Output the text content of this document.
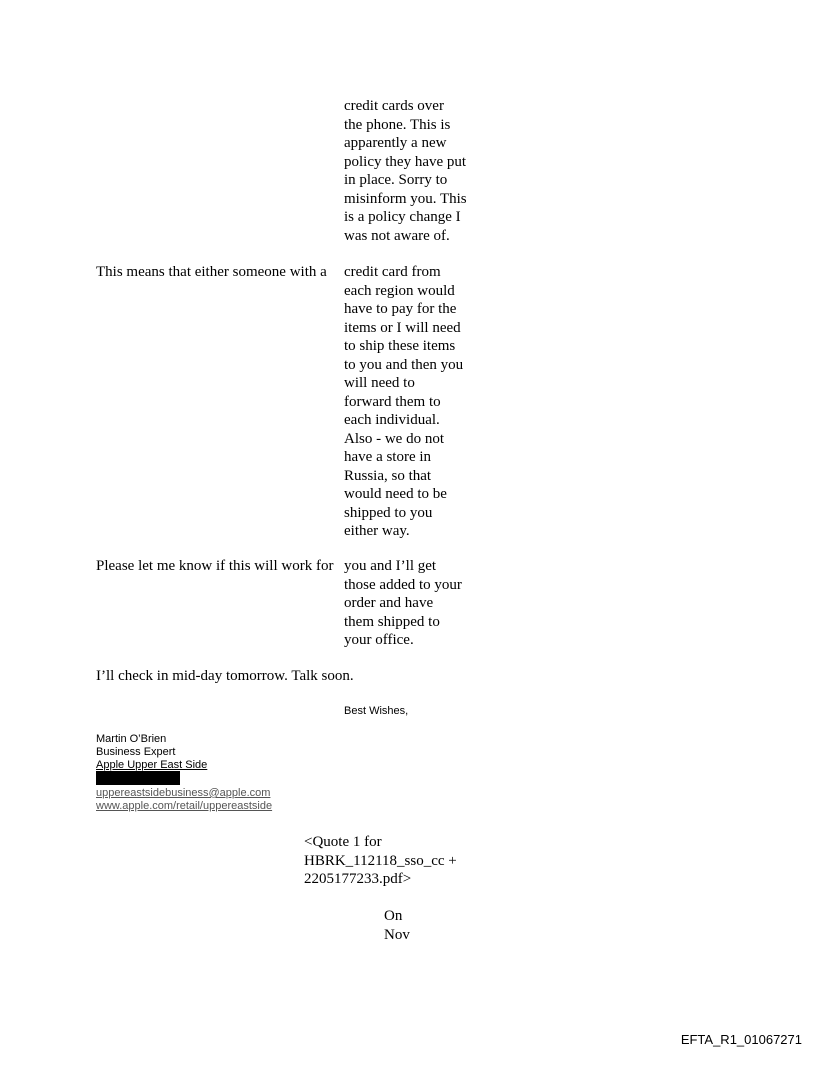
credit cards over
the phone. This is
apparently a new
policy they have put
in place. Sorry to
misinform you. This
is a policy change I
was not aware of.
This means that either someone with a credit card from
each region would
have to pay for the
items or I will need
to ship these items
to you and then you
will need to
forward them to
each individual.
Also - we do not
have a store in
Russia, so that
would need to be
shipped to you
either way.
Please let me know if this will work for you and I’ll get
those added to your
order and have
them shipped to
your office.
I’ll check in mid-day tomorrow. Talk soon.
Best Wishes,
Martin O’Brien
Business Expert
Apple Upper East Side
uppereastsidebusiness@apple.com
www.apple.com/retail/uppereastside
<Quote 1 for
HBRK_112118_sso_cc +
2205177233.pdf>
On
Nov
EFTA_R1_01067271
